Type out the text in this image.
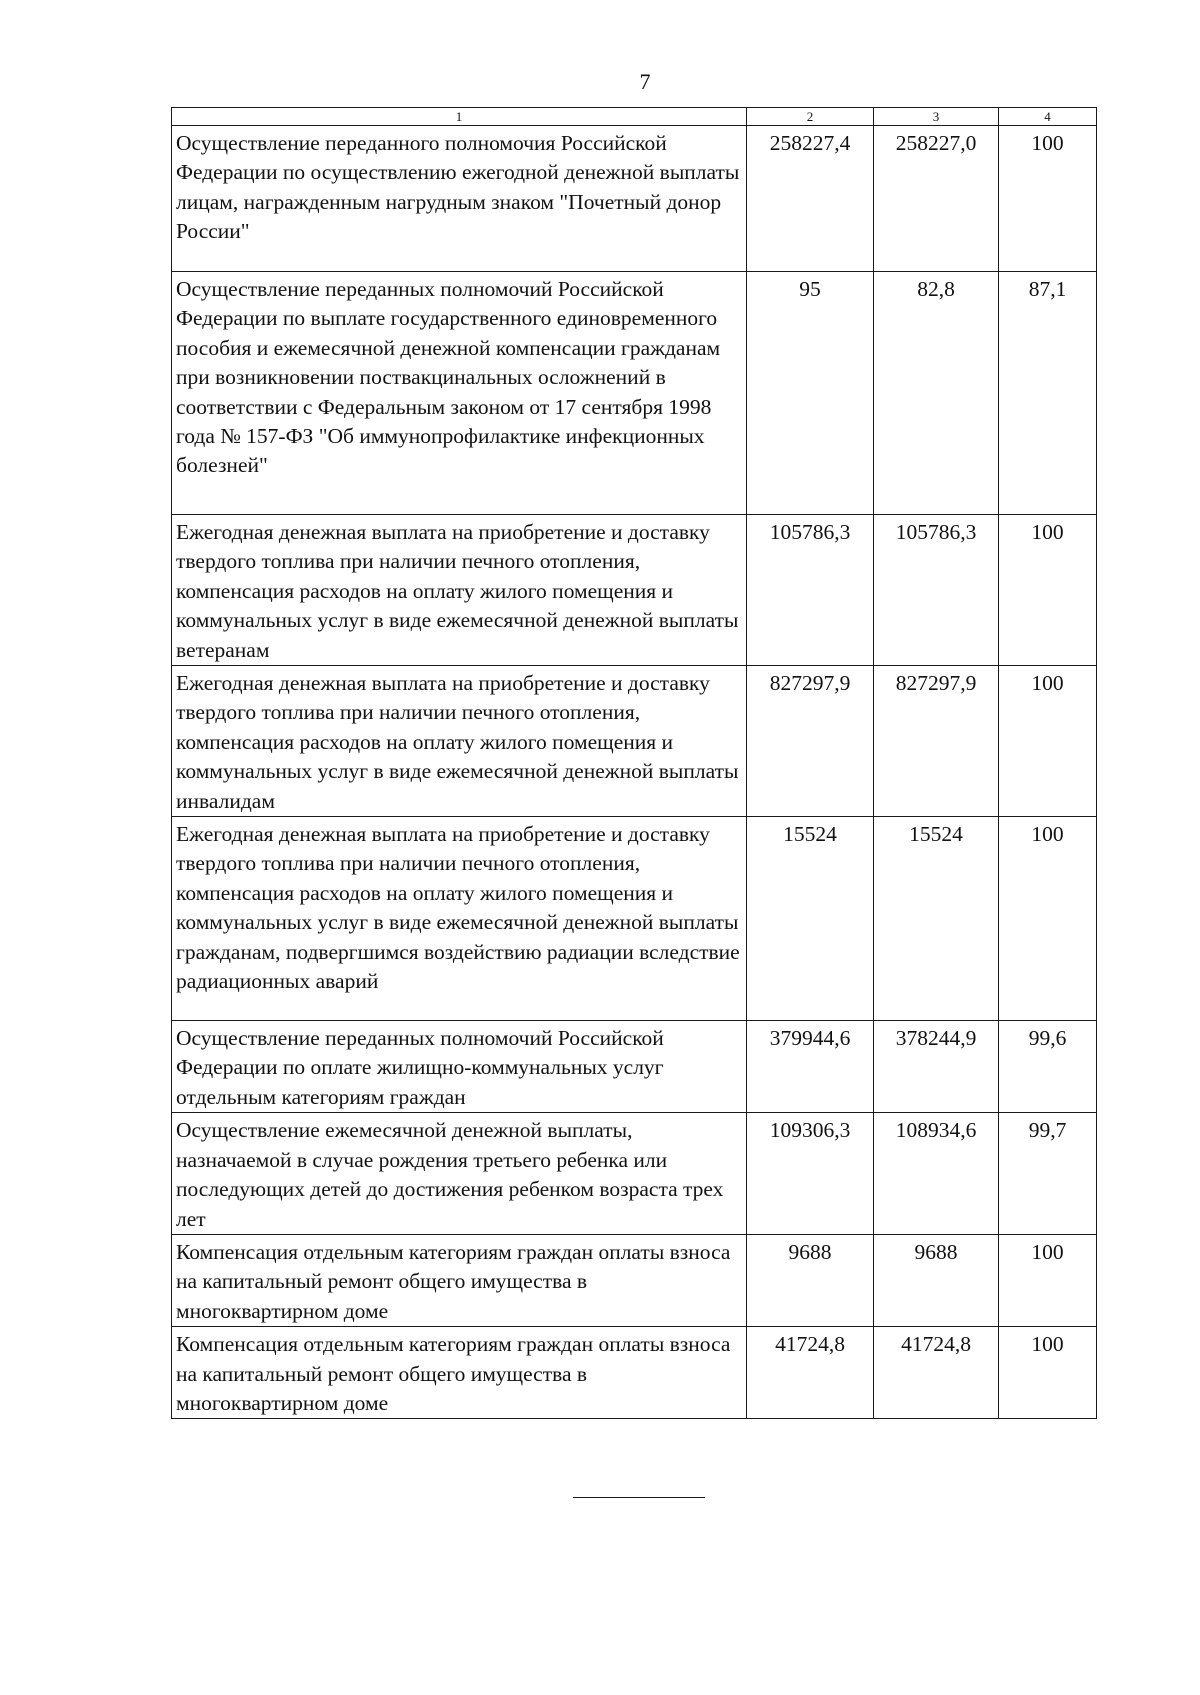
7
1	2	3	4
Осуществление переданного полномочия Российской Федерации по осуществлению ежегодной денежной выплаты лицам, награжденным нагрудным знаком "Почетный донор России"	258227,4	258227,0	100
Осуществление переданных полномочий Российской Федерации по выплате государственного единовременного пособия и ежемесячной денежной компенсации гражданам при возникновении поствакцинальных осложнений в соответствии с Федеральным законом от 17 сентября 1998 года № 157-ФЗ "Об иммунопрофилактике инфекционных болезней"	95	82,8	87,1
Ежегодная денежная выплата на приобретение и доставку твердого топлива при наличии печного отопления, компенсация расходов на оплату жилого помещения и коммунальных услуг в виде ежемесячной денежной выплаты ветеранам	105786,3	105786,3	100
Ежегодная денежная выплата на приобретение и доставку твердого топлива при наличии печного отопления, компенсация расходов на оплату жилого помещения и коммунальных услуг в виде ежемесячной денежной выплаты инвалидам	827297,9	827297,9	100
Ежегодная денежная выплата на приобретение и доставку твердого топлива при наличии печного отопления, компенсация расходов на оплату жилого помещения и коммунальных услуг в виде ежемесячной денежной выплаты гражданам, подвергшимся воздействию радиации вследствие радиационных аварий	15524	15524	100
Осуществление переданных полномочий Российской Федерации по оплате жилищно-коммунальных услуг отдельным категориям граждан	379944,6	378244,9	99,6
Осуществление ежемесячной денежной выплаты, назначаемой в случае рождения третьего ребенка или последующих детей до достижения ребенком возраста трех лет	109306,3	108934,6	99,7
Компенсация отдельным категориям граждан оплаты взноса на капитальный ремонт общего имущества в многоквартирном доме	9688	9688	100
Компенсация отдельным категориям граждан оплаты взноса на капитальный ремонт общего имущества в многоквартирном доме	41724,8	41724,8	100
